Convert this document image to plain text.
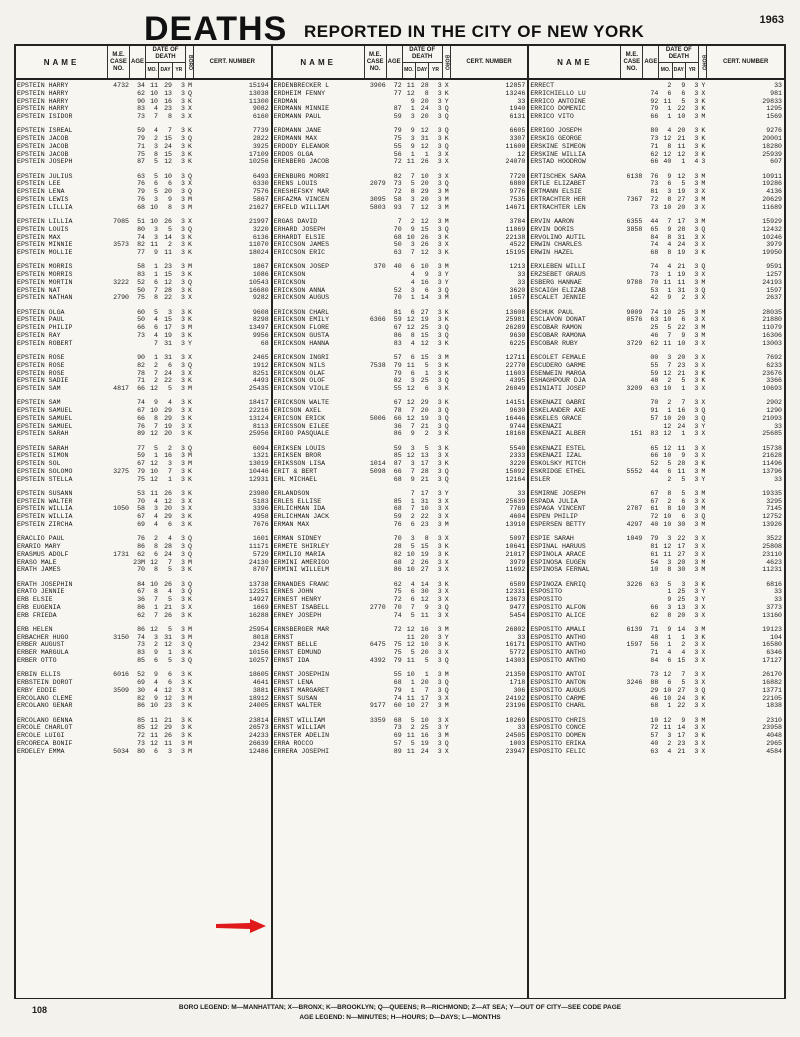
DEATHS REPORTED IN THE CITY OF NEW YORK
1963
NAME
M.E. CASE NO.
AGE
DATE OF DEATH
MO. DAY YR
BORO	CERT. NUMBER
EPSTEIN HARRY	4732	34 11 29	3 M	15194
EPSTEIN HARRY	62 10 13	3 Q	13038
EPSTEIN HARRY	90 10 16	3 K	11300
EPSTEIN HARRY	83	4 23	3 X	9082
EPSTEIN ISIDOR	73	7	8	3 X	6160
EPSTEIN ISREAL	59	4	7	3 K	7739
EPSTEIN JACOB	79	2 15	3 Q	2822
EPSTEIN JACOB	71	3 24	3 K	3925
EPSTEIN JACOB	75	8 15	3 K	17109
EPSTEIN JOSEPH	87	5 12	3 K	10256
EPSTEIN JULIUS	63	5 10	3 Q	6493
EPSTEIN LEE	76	6	6	3 X	6330
EPSTEIN LENA	79	5 20	3 Q	7576
EPSTEIN LEWIS	76	3	9	3 M	5867
EPSTEIN LILLIA	68 10	8	3 M	21627
EPSTEIN LILLIA	7085	51 10 26	3 X	21997
EPSTEIN LOUIS	80	3	5	3 Q	3220
EPSTEIN MAX	74	3 14	3 K	6136
EPSTEIN MINNIE	3573	82 11	2	3 K	11070
EPSTEIN MOLLIE	77	9 11	3 K	18024
EPSTEIN MORRIS	58	1 23	3 M	1867
EPSTEIN MORRIS	83	1 15	3 K	1086
EPSTEIN MORTIN	3222	52	6 12	3 Q	10543
EPSTEIN NAT	50	7 28	3 K	16680
EPSTEIN NATHAN	2790	75	8 22	3 X	9282
EPSTEIN OLGA	60	5	3	3 K	9608
EPSTEIN PAUL	50	4 15	3 K	8298
EPSTEIN PHILIP	66	6 17	3 M	13497
EPSTEIN RAY	73	4 19	3 K	9956
EPSTEIN ROBERT	7 31	3 Y	68
EPSTEIN ROSE	90	1 31	3 X	2465
EPSTEIN ROSE	82	2	6	3 Q	1912
EPSTEIN ROSE	78	7 24	3 X	8251
EPSTEIN SADIE	71	2 22	3 K	4493
EPSTEIN SAM	4817	66 12	5	3 M	25435
EPSTEIN SAM	74	9	4	3 K	18417
EPSTEIN SAMUEL	67 10 29	3 X	22216
EPSTEIN SAMUEL	66	8 29	3 K	13124
EPSTEIN SAMUEL	76	7 19	3 X	8113
EPSTEIN SARAH	89 12 20	3 K	25956
EPSTEIN SARAH	77	5	2	3 Q	6094
EPSTEIN SIMON	59	1 16	3 M	1321
EPSTEIN SOL	67 12	3	3 M	13019
EPSTEIN SOLOMO	3275	79 10	7	3 K	10446
EPSTEIN STELLA	75 12	1	3 K	12931
EPSTEIN SUSANN	53 11 26	3 K	23980
EPSTEIN WALTER	70	4 12	3 X	5183
EPSTEIN WILLIA	1050	58	3 20	3 X	3396
EPSTEIN WILLIA	67	4 29	3 K	4958
EPSTEIN ZIRCHA	69	4	6	3 K	7676
ERACLIO PAUL	76	2	4	3 Q	1601
ERARIO MARY	86	8 28	3 Q	11171
ERASMUS ADOLF	1731	62	6 24	3 Q	5729
ERASO MALE	23M 12	7	3 M	24130
ERATH JAMES	70	8	5	3 K	8707
ERATH JOSEPHIN	84 10 26	3 Q	13738
ERATO JENNIE	67	8	4	3 Q	12251
ERB ELSIE	36	7	5	3 K	14927
ERB EUGENIA	86	1 21	3 X	1669
ERB FRIEDA	62	7 26	3 K	16288
ERB HELEN	86 12	5	3 M	25954
ERBACHER HUGO	3150	74	3 31	3 M	8018
ERBER AUGUST	73	2 12	3 Q	2342
ERBER MARGULA	83	9	1	3 K	10156
ERBER OTTO	85	6	5	3 Q	10257
ERBIN ELLIS	6016	52	9	6	3 K	18605
ERBSTEIN DOROT	69	4	6	3 K	4641
ERBY EDDIE	3509	30	4 12	3 X	3881
ERCOLANO CLEME	82	9 12	3 M	18912
ERCOLANO GENAR	86 10 23	3 K	24005
ERCOLANO GENNA	85 11 21	3 K	23814
ERCOLE CHARLOT	85 12 29	3 K	26573
ERCOLE LUIGI	72 11 26	3 K	24233
ERCORECA BONIF	73 12 11	3 M	26639
ERDELEY EMMA	5034	80	6	3	3 M	12486
NAME
M.E. CASE NO.
AGE
DATE OF DEATH
MO. DAY YR
BORO	CERT. NUMBER
ERDENBRECKER L	3906	72 11 28	3 X	12857
ERDHEIM FENNY	77 12	8	3 K	13246
ERDMAN	9 20	3 Y	33
ERDMANN MINNIE	87	1 24	3 Q	1940
ERDMANN PAUL	59	3 20	3 Q	6131
ERDMANN JANE	79	9 12	3 Q	6605
ERDMANN MAX	75	3 31	3 K	3307
ERDODY ELEANOR	55	9 12	3 Q	11600
ERDOS OLGA	56	1	1	3 X	12
ERENBERG JACOB	72 11 26	3 X	24070
ERENBURG MORRI	82	7 10	3 X	7720
ERENS LOUIS	2079	73	5 20	3 Q	6880
ERESHEFSKY MAR	72	8 29	3 M	9776
ERFAZMA VINCEN	3095	58	3 20	3 M	7535
ERFELD WILLIAM	5803	93	7 12	3 M	14671
ERGAS DAVID	7	2 12	3 M	3784
ERHARD JOSEPH	70	9 15	3 Q	11869
ERHARDT ELSIE	68 10 26	3 K	22138
ERICCSON JAMES	50	3 26	3 X	4522
ERICCSON ERIC	63	7 12	3 K	15195
ERICKSON JOSEP	370	40	6 10	3 M	1213
ERICKSON	4	9	3 Y	33
ERICKSON	4 16	3 Y	33
ERICKSON ANNA	52	3	6	3 Q	3620
ERICKSON AUGUS	70	1 14	3 M	1057
ERICKSON CHARL	81	6 27	3 K	13608
ERICKSON EMILY	6366	59 12 19	3 K	25981
ERICKSON FLORE	67 12 25	3 Q	26289
ERICKSON GUSTA	86	8 15	3 Q	9630
ERICKSON HANNA	83	4 12	3 K	6225
ERICKSON INGRI	57	6 15	3 M	12711
ERICKSON NILS	7538	79 11	5	3 K	22770
ERICKSON OLAF	79	6	1	3 K	11603
ERICKSON OLOF	82	3 25	3 Q	4395
ERICKSON VIOLE	55 12	6	3 K	26049
ERICKSON WALTE	67 12 29	3 K	14151
ERICSON AXEL	78	7 20	3 Q	9630
ERICSON ERICK	5006	66 12 19	3 Q	16446
ERICSSON EILEE	36	7 21	3 Q	9744
ERIGO PASQUALE	86	9	2	3 K	18168
ERIKSEN LOUIS	59	3	5	3 K	5540
ERIKSEN BROR	85 12 13	3 X	2333
ERIKSSON LISA	1014	87	3 17	3 K	3220
ERIT & BERT	5098	66	7 28	3 Q	15092
ERL MICHAEL	68	9 21	3 Q	12164
ERLANDSON	7 17	3 Y	33
ERLES ELLISE	85	1 31	3 X	25639
ERLICHMAN IDA	68	7 10	3 X	7769
ERLICHMAN JACK	59	2 22	3 X	4604
ERMAN MAX	76	6 23	3 M	13910
ERMAN SIDNEY	70	3	8	3 X	5097
ERMETE SHIRLEY	28	5 15	3 K	10641
ERMILIO MARIA	82 10 19	3 K	21017
ERMINI AMERIGO	68	2 26	3 X	3979
ERMINI WILLELM	86 10 27	3 X	11692
ERNANDES FRANC	62	4 14	3 K	6589
ERNES JOHN	75	6 30	3 X	12331
ERNEST HENRY	72	6 12	3 X	13673
ERNEST ISABELL	2770	70	7	9	3 Q	9477
ERNEY JOSEPH	74	5 11	3 X	5454
ERNSBERGER MAR	72 12 16	3 M	26802
ERNST	11 20	3 Y	33
ERNST BELLE	6475	75 12 10	3 K	16171
ERNST EDMUND	75	5 20	3 X	5772
ERNST IDA	4392	79 11	5	3 Q	14303
ERNST JOSEPHIN	55 10	1	3 M	21350
ERNST LENA	68	1 20	3 Q	1718
ERNST MARGARET	79	1	7	3 Q	306
ERNST SUSAN	74 11 17	3 X	24192
ERNST WALTER	9177	60 10 27	3 M	23196
ERNST WILLIAM	3359	68	5 10	3 X	10269
ERNST WILLIAM	73	2 25	3 Y	33
ERNSTER ADELIN	69 11 16	3 M	24505
ERRA ROCCO	57	5 19	3 Q	1003
ERRERA JOSEPHI	89 11 24	3 X	23947
NAME
M.E. CASE NO.
AGE
DATE OF DEATH
MO. DAY YR
BORO	CERT. NUMBER
ERRECT	2	9	3 Y	33
ERRICHIELLO LU	74	6	6	3 X	981
ERRICO ANTOINE	92 11	5	3 K	29833
ERRICO DOMENIC	79	1 22	3 K	1295
ERRICO VITO	66	1 10	3 M	1569
ERRIGO JOSEPH	80	4 20	3 K	9276
ERSKIG GEORGE	73 12 21	3 K	20001
ERSKINE SIMEON	71	8 11	3 K	18280
ERSKINE WILLIA	62 12 12	3 K	25939
ERSTAD HOODROW	66 40	1	4 3	607
ERTISCHEK SARA	6138	76	9 12	3 M	10911
ERTLE ELIZABET	73	6	5	3 M	19286
ERTMANN ELSIE	81	3 19	3 X	4136
ERTRACHTER HER	7367	72	8 27	3 M	20629
ERTRACHTER LEN	73 10 20	3 X	11689
ERVIN AARON	6355	44	7 17	3 M	15929
ERVIN DORIS	3858	65	9 28	3 Q	12432
ERVOLINO AUTIL	84	8 31	3 X	10246
ERWIN CHARLES	74	4 24	3 X	3979
ERWIN HAZEL	68	8 19	3 K	19950
ERXLEBEN WILLI	74	4 21	3 Q	9591
ERZSEBET GRAUS	73	1 19	3 X	1257
ESBERG HANNAE	9788	70 11 11	3 M	24193
ESCAIGH ELIZAB	53	1 31	3 Q	1597
ESCALET JENNIE	42	9	2	3 X	2637
ESCHUK PAUL	9009	74 10 25	3 M	28035
ESCLAVON DONAT	0576	63 10	6	3 X	21880
ESCOBAR RAMON	25	5 22	3 M	11079
ESCOBAR RAMONA	46	7	9	3 M	16306
ESCOBAR RUBY	3729	62 11 10	3 X	13003
ESCOLET FEMALE	00	3 20	3 X	7692
ESCUDERO GARME	55	7 23	3 X	6233
ESENWEIN MARGA	59 12 21	3 K	23676
ESHAGHPOUR DJA	48	2	5	3 K	3366
ESINIATI JOSEP	3209	63 10	1	3 X	10693
ESKENAZI GABRI	70	2	7	3 X	2902
ESKELANDER AXE	91	1 16	3 Q	1290
ESKELES GRACE	57 10 20	3 Q	21093
ESKENAZI	12 24	3 Y	33
ESKENAZI ALBER	151	83 12	1	3 X	25685
ESKENAZI ESTEL	65 12 11	3 X	15738
ESKENAZI IZAL	66 10	9	3 X	21628
ESKOLSKY MITCH	52	5 28	3 K	11496
ESKRIDGE ETHEL	5552	44	6 11	3 M	13796
ESLER	2	5	3 Y	33
ESMIRNE JOSEPH	67	8	5	3 M	19335
ESPADA JULIA	67	2	6	3 X	3295
ESPAGA VINCENT	2787	61	8 10	3 M	7145
ESPEN PHILIP	72 10	6	3 Q	12752
ESPERSEN BETTY	4297	40 10 30	3 M	13926
ESPIE SARAH	1049	79	3 22	3 X	3522
ESPINAL HARUUS	81 12 17	3 X	25808
ESPINOLA ARACE	61 11 27	3 X	23110
ESPINOSA EUGEN	54	3 20	3 M	4623
ESPINOSA FERNAL	10	8 30	3 M	11231
ESPINOZA ENRIQ	3226	63	5	3	3 K	6816
ESPOSITO	1 25	3 Y	33
ESPOSITO	9 25	3 Y	33
ESPOSITO ALFON	66	3 13	3 X	3773
ESPOSITO ALICE	62	8 20	3 X	13160
ESPOSITO AMALI	6139	71	9 14	3 M	19123
ESPOSITO ANTHO	48	1	1	3 K	104
ESPOSITO ANTHO	1597	56	1	2	3 X	16580
ESPOSITO ANTHO	71	4	4	3 X	6346
ESPOSITO ANTHO	84	6 15	3 X	17127
ESPOSITO ANTOI	73 12	7	3 X	26170
ESPOSITO ANTON	3246	88	6	5	3 X	16882
ESPOSITO AUGUS	29 10 27	3 Q	13771
ESPOSITO CARME	46 10 24	3 K	22105
ESPOSITO CHARL	68	1 22	3 X	1838
ESPOSITO CHRIS	10 12	9	3 M	2310
ESPOSITO CONCE	72 11 14	3 X	23958
ESPOSITO DOMEN	57	3 17	3 K	4048
ESPOSITO ERIKA	40	2 23	3 X	2965
ESPOSITO FELIC	63	4 21	3 X	4584
108	BORO LEGEND: M—MANHATTAN; X—BRONX; K—BROOKLYN; Q—QUEENS; R—RICHMOND; Z—AT SEA; Y—OUT OF CITY—SEE CODE PAGE
AGE LEGEND: N—MINUTES; H—HOURS; D—DAYS; L—MONTHS
